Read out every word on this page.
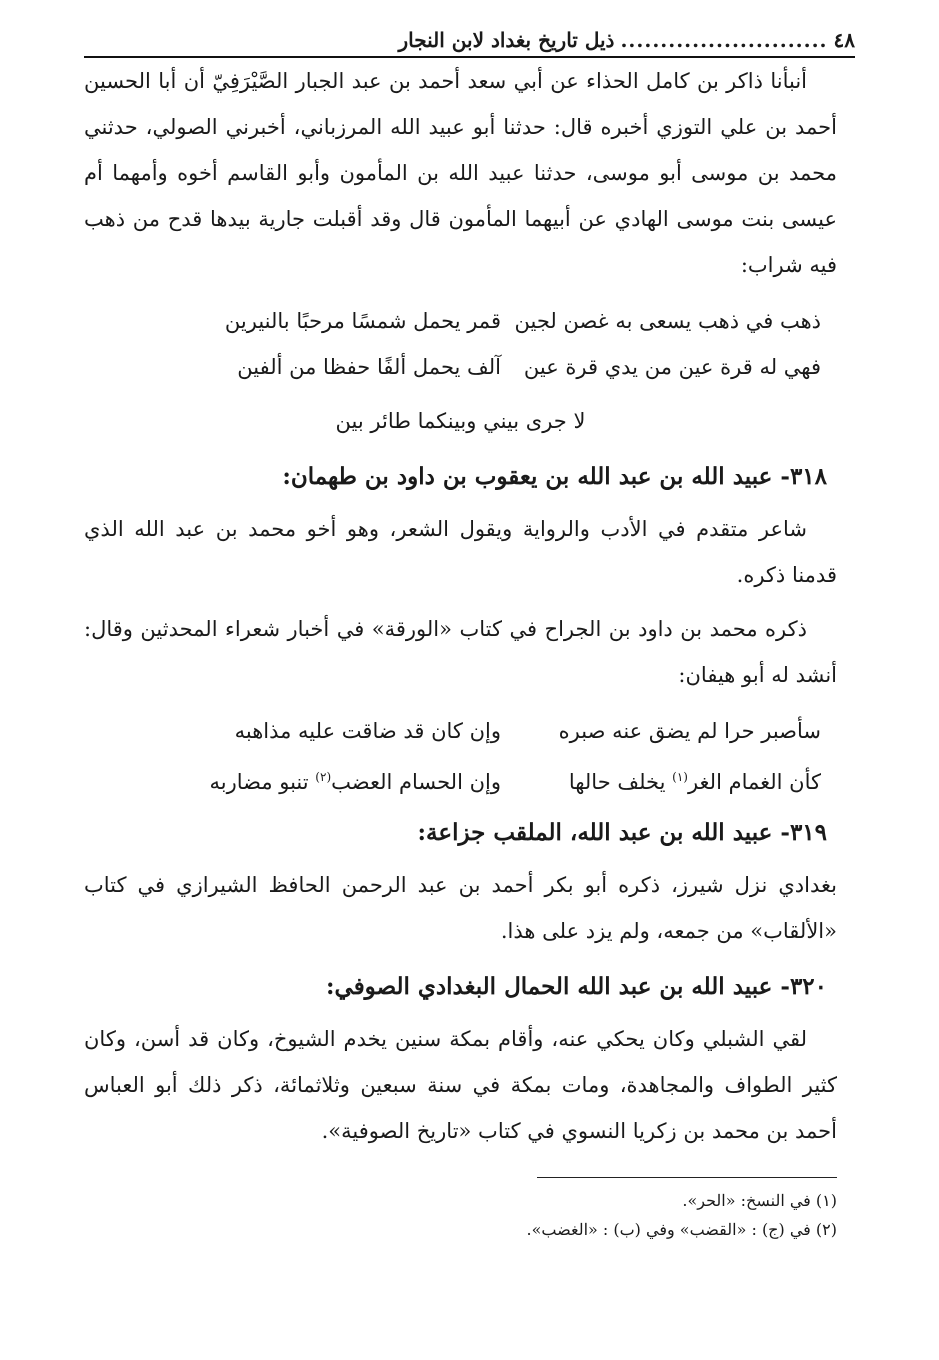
٤٨
..........................
ذيل تاريخ بغداد لابن النجار

أنبأنا ذاكر بن كامل الحذاء عن أبي سعد أحمد بن عبد الجبار الصَّيْرَفِيّ أن أبا الحسين أحمد بن علي التوزي أخبره قال: حدثنا أبو عبيد الله المرزباني، أخبرني الصولي، حدثني محمد بن موسى أبو موسى، حدثنا عبيد الله بن المأمون وأبو القاسم أخوه وأمهما أم عيسى بنت موسى الهادي عن أبيهما المأمون قال وقد أقبلت جارية بيدها قدح من ذهب فيه شراب:

ذهب في ذهب يسعى به غصن لجين
قمر يحمل شمسًا مرحبًا بالنيرين
فهي له قرة عين من يدي قرة عين
آلف يحمل ألفًا حفظا من ألفين

لا جرى بيني وبينكما طائر بين

٣١٨- عبيد الله بن عبد الله بن يعقوب بن داود بن طهمان:

شاعر متقدم في الأدب والرواية ويقول الشعر، وهو أخو محمد بن عبد الله الذي قدمنا ذكره.

ذكره محمد بن داود بن الجراح في كتاب «الورقة» في أخبار شعراء المحدثين وقال: أنشد له أبو هيفان:

سأصبر حرا لم يضق عنه صبره
وإن كان قد ضاقت عليه مذاهبه
كأن الغمام الغر$^{(١)}$ يخلف حالها
وإن الحسام العضب$^{(٢)}$ تنبو مضاربه
٣١٩- عبيد الله بن عبد الله، الملقب جزاعة:

بغدادي نزل شيرز، ذكره أبو بكر أحمد بن عبد الرحمن الحافظ الشيرازي في كتاب «الألقاب» من جمعه، ولم يزد على هذا.

٣٢٠- عبيد الله بن عبد الله الحمال البغدادي الصوفي:

لقي الشبلي وكان يحكي عنه، وأقام بمكة سنين يخدم الشيوخ، وكان قد أسن، وكان كثير الطواف والمجاهدة، ومات بمكة في سنة سبعين وثلاثمائة، ذكر ذلك أبو العباس أحمد بن محمد بن زكريا النسوي في كتاب «تاريخ الصوفية».

(١) في النسخ: «الحر».

(٢) في (ج) : «القضب» وفي (ب) : «الغضب».
